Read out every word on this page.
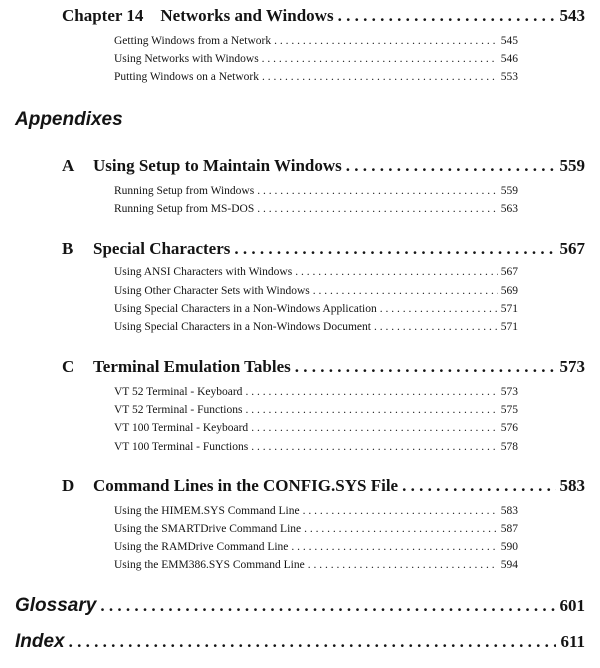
Chapter 14    Networks and Windows . . .	543
Getting Windows from a Network . . .	545
Using Networks with Windows . . .	546
Putting Windows on a Network . . .	553
Appendixes
A	Using Setup to Maintain Windows . . .	559
Running Setup from Windows . . .	559
Running Setup from MS-DOS . . .	563
B	Special Characters . . .	567
Using ANSI Characters with Windows . . .	567
Using Other Character Sets with Windows . . .	569
Using Special Characters in a Non-Windows Application . . .	571
Using Special Characters in a Non-Windows Document . . .	571
C	Terminal Emulation Tables . . .	573
VT 52 Terminal - Keyboard . . .	573
VT 52 Terminal - Functions . . .	575
VT 100 Terminal - Keyboard . . .	576
VT 100 Terminal - Functions . . .	578
D	Command Lines in the CONFIG.SYS File . . .	583
Using the HIMEM.SYS Command Line . . .	583
Using the SMARTDrive Command Line . . .	587
Using the RAMDrive Command Line . . .	590
Using the EMM386.SYS Command Line . . .	594
Glossary . . .	601
Index . . .	611
